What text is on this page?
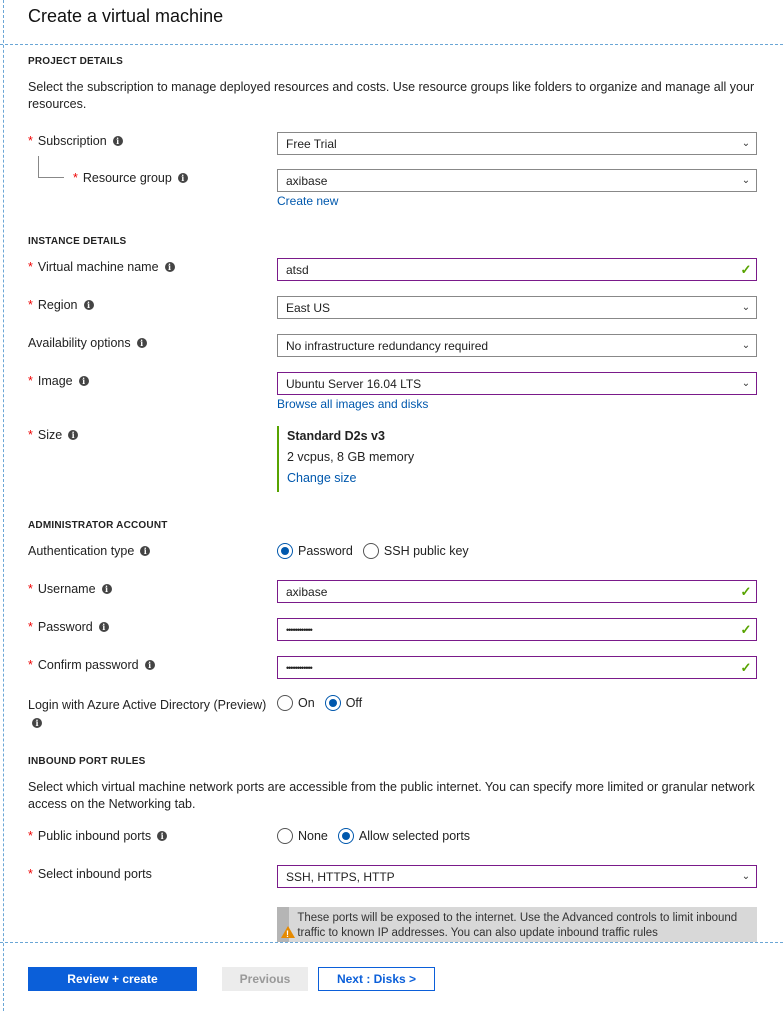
Create a virtual machine
PROJECT DETAILS
Select the subscription to manage deployed resources and costs. Use resource groups like folders to organize and manage all your resources.
* Subscription	i	Free Trial	⌄
* Resource group	i	axibase	⌄
Create new
INSTANCE DETAILS
* Virtual machine name	i	atsd	✓
* Region	i	East US	⌄
Availability options	i	No infrastructure redundancy required	⌄
* Image	i	Ubuntu Server 16.04 LTS	⌄
Browse all images and disks
* Size	i	Standard D2s v3
2 vcpus, 8 GB memory
Change size
ADMINISTRATOR ACCOUNT
Authentication type	i	Password SSH public key
* Username	i	axibase	✓
* Password	i	••••••••••••	✓
* Confirm password	i	••••••••••••	✓
Login with Azure Active Directory (Preview)
i
On Off
INBOUND PORT RULES
Select which virtual machine network ports are accessible from the public internet. You can specify more limited or granular network access on the Networking tab.
* Public inbound ports	i	None Allow selected ports
* Select inbound ports	SSH, HTTPS, HTTP	⌄
!
These ports will be exposed to the internet. Use the Advanced controls to limit inbound traffic to known IP addresses. You can also update inbound traffic rules
Review + create	Previous	Next : Disks >
